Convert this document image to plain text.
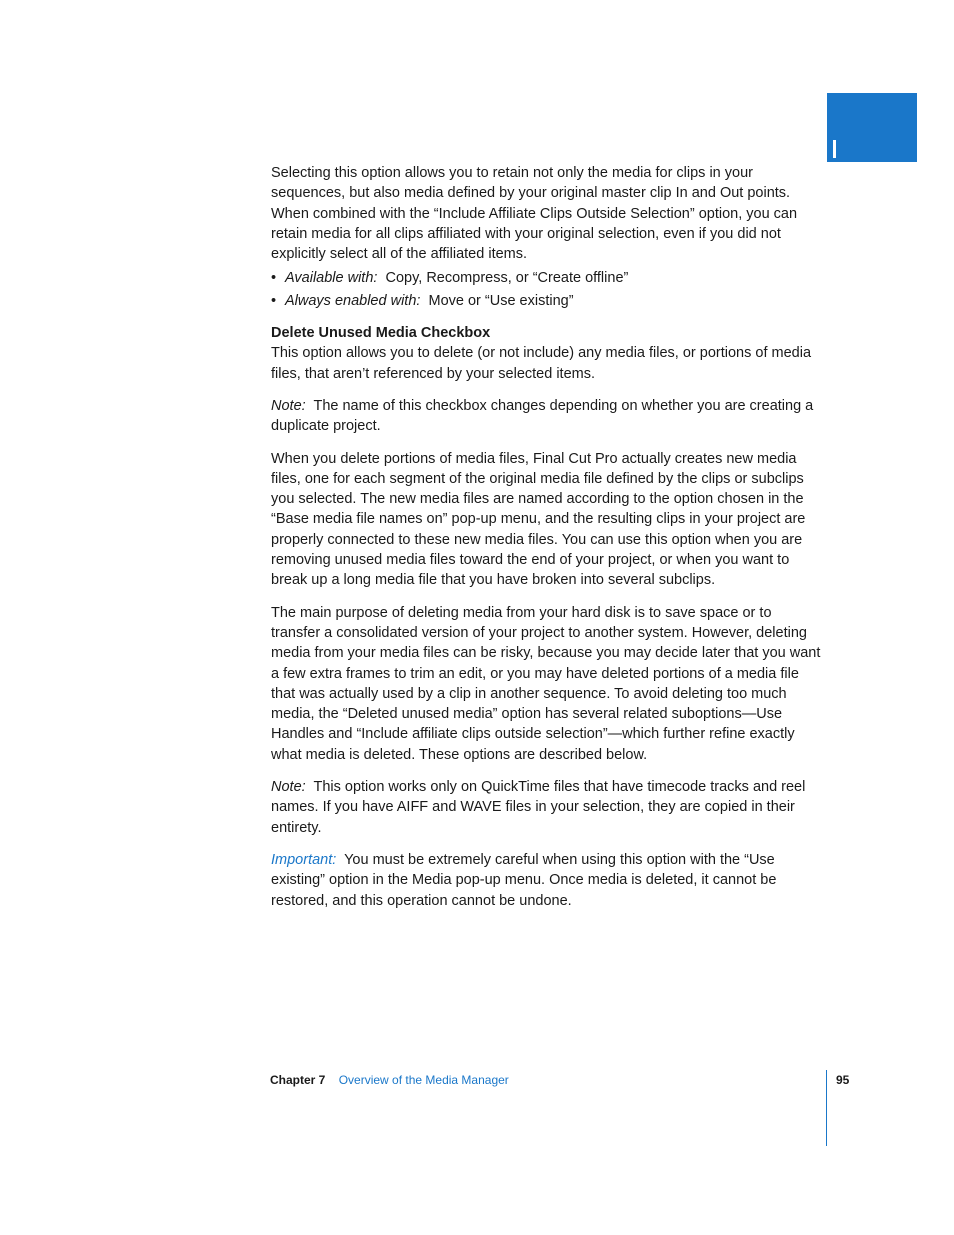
Selecting this option allows you to retain not only the media for clips in your sequences, but also media defined by your original master clip In and Out points. When combined with the “Include Affiliate Clips Outside Selection” option, you can retain media for all clips affiliated with your original selection, even if you did not explicitly select all of the affiliated items.

• Available with: Copy, Recompress, or “Create offline”
• Always enabled with: Move or “Use existing”
Delete Unused Media Checkbox

This option allows you to delete (or not include) any media files, or portions of media files, that aren’t referenced by your selected items.

Note: The name of this checkbox changes depending on whether you are creating a duplicate project.

When you delete portions of media files, Final Cut Pro actually creates new media files, one for each segment of the original media file defined by the clips or subclips you selected. The new media files are named according to the option chosen in the “Base media file names on” pop-up menu, and the resulting clips in your project are properly connected to these new media files. You can use this option when you are removing unused media files toward the end of your project, or when you want to break up a long media file that you have broken into several subclips.

The main purpose of deleting media from your hard disk is to save space or to transfer a consolidated version of your project to another system. However, deleting media from your media files can be risky, because you may decide later that you want a few extra frames to trim an edit, or you may have deleted portions of a media file that was actually used by a clip in another sequence. To avoid deleting too much media, the “Deleted unused media” option has several related suboptions—Use Handles and “Include affiliate clips outside selection”—which further refine exactly what media is deleted. These options are described below.

Note: This option works only on QuickTime files that have timecode tracks and reel names. If you have AIFF and WAVE files in your selection, they are copied in their entirety.

Important: You must be extremely careful when using this option with the “Use existing” option in the Media pop-up menu. Once media is deleted, it cannot be restored, and this operation cannot be undone.

Chapter 7 Overview of the Media Manager	95
